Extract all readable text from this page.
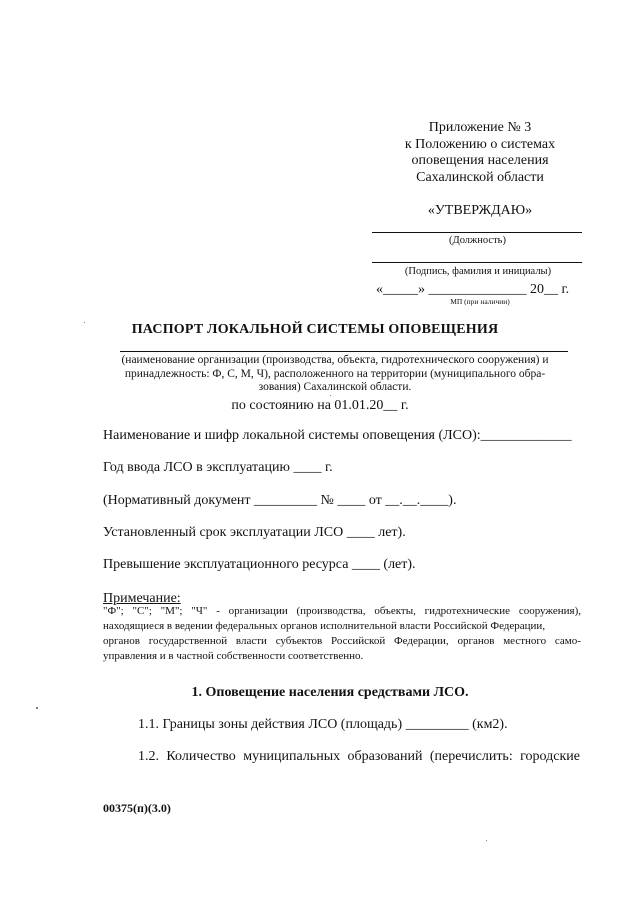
Приложение № 3
к Положению о системах
оповещения населения
Сахалинской области
«УТВЕРЖДАЮ»
(Должность)
(Подпись, фамилия и инициалы)
«_____» ______________ 20__ г.
МП (при наличии)
ПАСПОРТ ЛОКАЛЬНОЙ СИСТЕМЫ ОПОВЕЩЕНИЯ
(наименование организации (производства, объекта, гидротехнического сооружения) и
принадлежность: Ф, С, М, Ч), расположенного на территории (муниципального обра-
зования) Сахалинской области.
по состоянию на 01.01.20__ г.
Наименование и шифр локальной системы оповещения (ЛСО):_____________
Год ввода ЛСО в эксплуатацию ____ г.
(Нормативный документ _________ № ____ от __.__.____).
Установленный срок эксплуатации ЛСО ____ лет).
Превышение эксплуатационного ресурса ____ (лет).
Примечание:
"Ф"; "С"; "М"; "Ч" - организации (производства, объекты, гидротехнические сооружения),
находящиеся в ведении федеральных органов исполнительной власти Российской Федерации,
органов государственной власти субъектов Российской Федерации, органов местного само-
управления и в частной собственности соответственно.
1. Оповещение населения средствами ЛСО.
1.1. Границы зоны действия ЛСО (площадь) _________ (км2).
1.2. Количество муниципальных образований (перечислить: городские
00375(п)(3.0)
